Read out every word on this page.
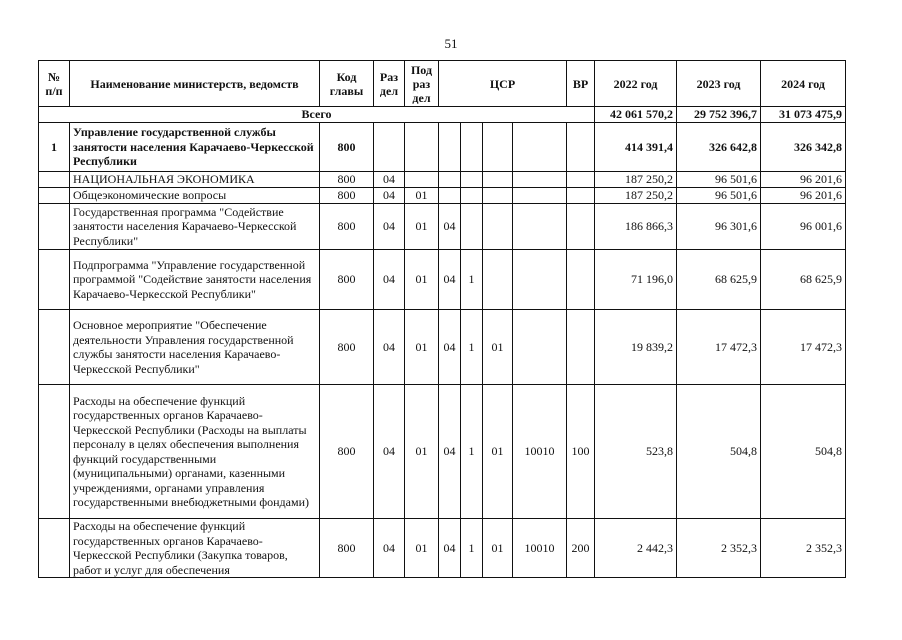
51
№ п/п	Наименование министерств, ведомств	Код главы	Раз дел	Под раз дел	ЦСР				ВР	2022 год	2023 год	2024 год
Всего										42 061 570,2	29 752 396,7	31 073 475,9
1	Управление государственной службы занятости населения Карачаево-Черкесской Республики	800								414 391,4	326 642,8	326 342,8
	НАЦИОНАЛЬНАЯ ЭКОНОМИКА	800	04							187 250,2	96 501,6	96 201,6
	Общеэкономические вопросы	800	04	01						187 250,2	96 501,6	96 201,6
	Государственная программа "Содействие занятости населения Карачаево-Черкесской Республики"	800	04	01	04					186 866,3	96 301,6	96 001,6
	Подпрограмма "Управление государственной программой "Содействие занятости населения Карачаево-Черкесской Республики"	800	04	01	04	1				71 196,0	68 625,9	68 625,9
	Основное мероприятие "Обеспечение деятельности Управления государственной службы занятости населения Карачаево-Черкесской Республики"	800	04	01	04	1	01			19 839,2	17 472,3	17 472,3
	Расходы на обеспечение функций государственных органов Карачаево-Черкесской Республики (Расходы на выплаты персоналу в целях обеспечения выполнения функций государственными (муниципальными) органами, казенными учреждениями, органами управления государственными внебюджетными фондами)	800	04	01	04	1	01	10010	100	523,8	504,8	504,8
	Расходы на обеспечение функций государственных органов Карачаево-Черкесской Республики (Закупка товаров, работ и услуг для обеспечения	800	04	01	04	1	01	10010	200	2 442,3	2 352,3	2 352,3
